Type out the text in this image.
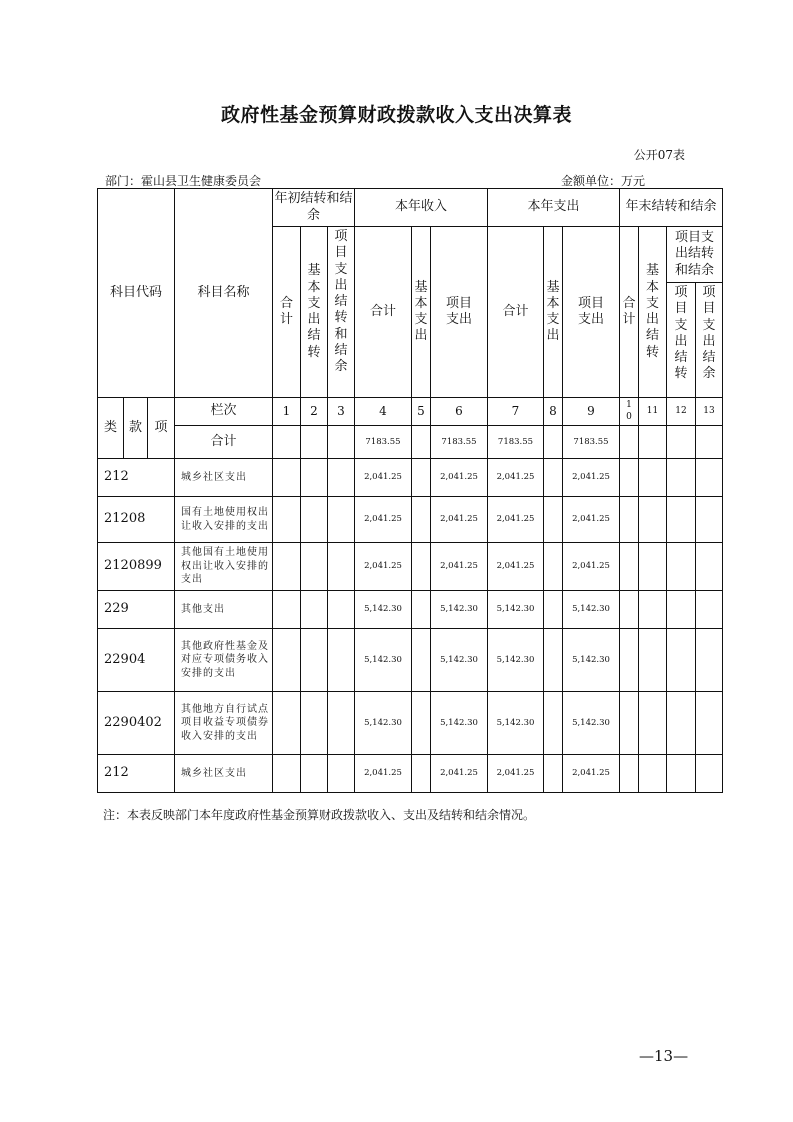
政府性基金预算财政拨款收入支出决算表
公开07表
部门：霍山县卫生健康委员会	金额单位：万元
科目代码			科目名称	年初结转和结余			本年收入			本年支出			年末结转和结余			
				合计	基本支出结转	项目支出结转和结余	合计	基本支出	项目支出	合计	基本支出	项目支出	合计	基本支出结转	项目支出结转和结余	
															项目支出结转	项目支出结余
类	款	项	栏次	1	2	3	4	5	6	7	8	9	10	11	12	13
			合计				7183.55		7183.55	7183.55		7183.55				
212			城乡社区支出				2,041.25		2,041.25	2,041.25		2,041.25				
21208			国有土地使用权出让收入安排的支出				2,041.25		2,041.25	2,041.25		2,041.25				
2120899			其他国有土地使用权出让收入安排的支出				2,041.25		2,041.25	2,041.25		2,041.25				
229			其他支出				5,142.30		5,142.30	5,142.30		5,142.30				
22904			其他政府性基金及对应专项债务收入安排的支出				5,142.30		5,142.30	5,142.30		5,142.30				
2290402			其他地方自行试点项目收益专项债券收入安排的支出				5,142.30		5,142.30	5,142.30		5,142.30				
212			城乡社区支出				2,041.25		2,041.25	2,041.25		2,041.25				
注：本表反映部门本年度政府性基金预算财政拨款收入、支出及结转和结余情况。
—13—
